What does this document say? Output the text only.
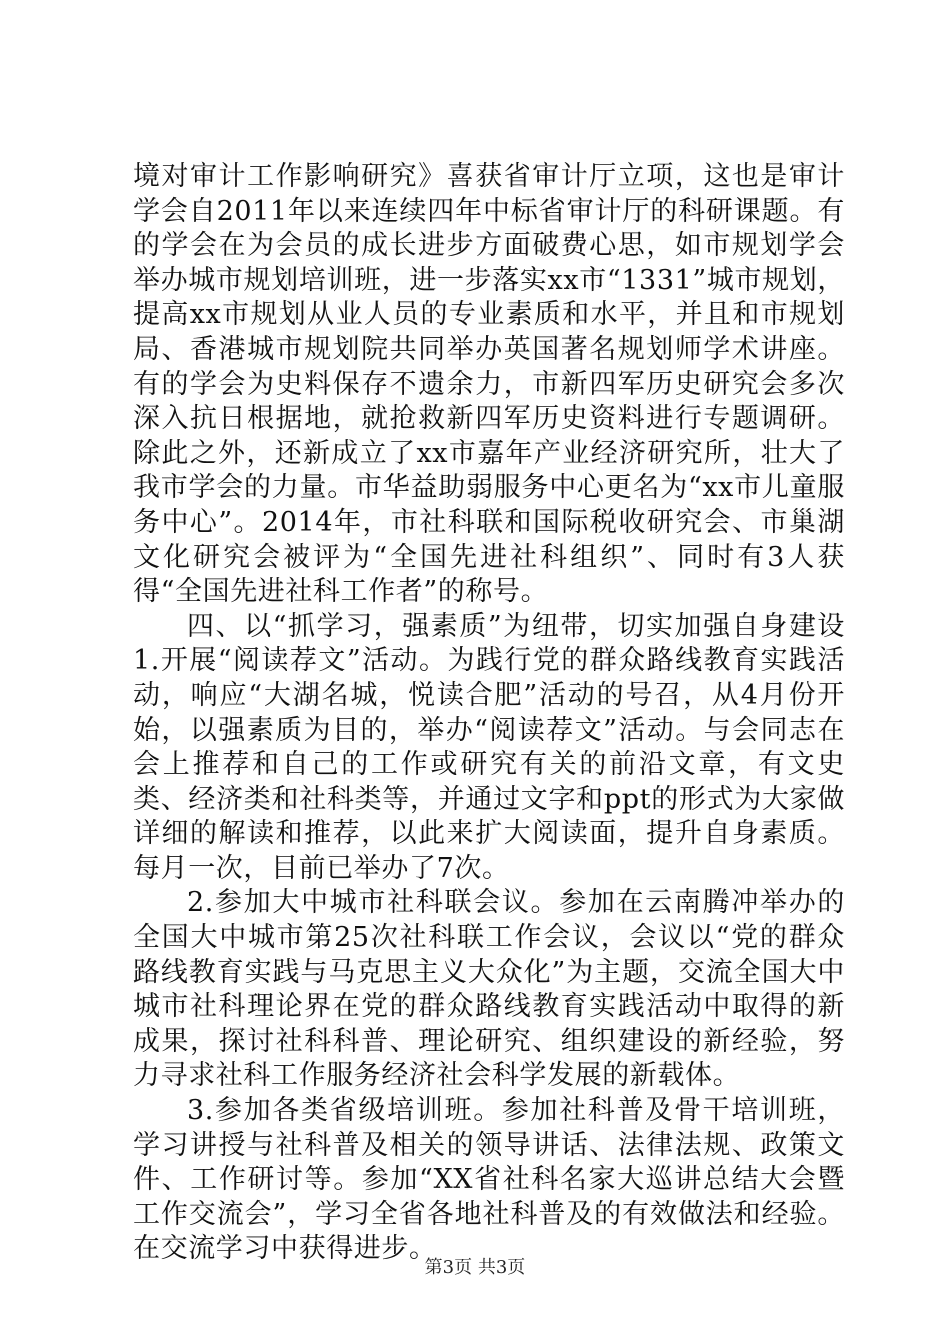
境对审计工作影响研究》喜获省审计厅立项，这也是审计学会自2011年以来连续四年中标省审计厅的科研课题。有的学会在为会员的成长进步方面破费心思，如市规划学会举办城市规划培训班，进一步落实xx市“1331”城市规划，提高xx市规划从业人员的专业素质和水平，并且和市规划局、香港城市规划院共同举办英国著名规划师学术讲座。有的学会为史料保存不遗余力，市新四军历史研究会多次深入抗日根据地，就抢救新四军历史资料进行专题调研。除此之外，还新成立了xx市嘉年产业经济研究所，壮大了我市学会的力量。市华益助弱服务中心更名为“xx市儿童服务中心”。2014年，市社科联和国际税收研究会、市巢湖文化研究会被评为“全国先进社科组织”、同时有3人获得“全国先进社科工作者”的称号。

四、以“抓学习，强素质”为纽带，切实加强自身建设1.开展“阅读荐文”活动。为践行党的群众路线教育实践活动，响应“大湖名城，悦读合肥”活动的号召，从4月份开始，以强素质为目的，举办“阅读荐文”活动。与会同志在会上推荐和自己的工作或研究有关的前沿文章，有文史类、经济类和社科类等，并通过文字和ppt的形式为大家做详细的解读和推荐，以此来扩大阅读面，提升自身素质。每月一次，目前已举办了7次。

2.参加大中城市社科联会议。参加在云南腾冲举办的全国大中城市第25次社科联工作会议，会议以“党的群众路线教育实践与马克思主义大众化”为主题，交流全国大中城市社科理论界在党的群众路线教育实践活动中取得的新成果，探讨社科科普、理论研究、组织建设的新经验，努力寻求社科工作服务经济社会科学发展的新载体。

3.参加各类省级培训班。参加社科普及骨干培训班，学习讲授与社科普及相关的领导讲话、法律法规、政策文件、工作研讨等。参加“XX省社科名家大巡讲总结大会暨工作交流会”，学习全省各地社科普及的有效做法和经验。在交流学习中获得进步。

第3页 共3页
